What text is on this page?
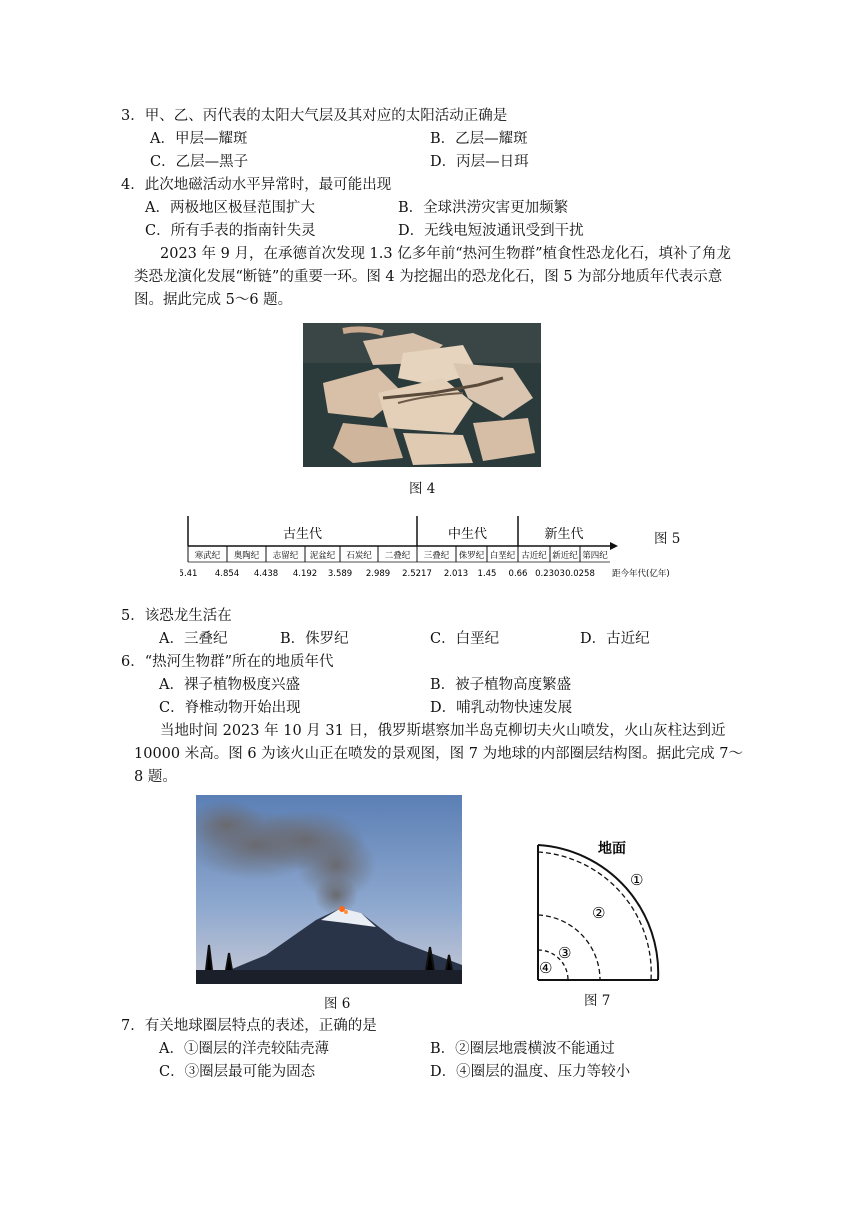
3．甲、乙、丙代表的太阳大气层及其对应的太阳活动正确是
A．甲层—耀斑	B．乙层—耀斑
C．乙层—黑子	D．丙层—日珥
4．此次地磁活动水平异常时，最可能出现
A．两极地区极昼范围扩大	B．全球洪涝灾害更加频繁
C．所有手表的指南针失灵	D．无线电短波通讯受到干扰
2023 年 9 月，在承德首次发现 1.3 亿多年前“热河生物群”植食性恐龙化石，填补了角龙
类恐龙演化发展“断链”的重要一环。图 4 为挖掘出的恐龙化石，图 5 为部分地质年代表示意
图。据此完成 5～6 题。
图 4
古生代	中生代	新生代
寒武纪 奥陶纪 志留纪 泥盆纪 石炭纪 二叠纪 三叠纪 侏罗纪 白垩纪 古近纪 新近纪 第四纪
5.41 4.854 4.438 4.192 3.589 2.989 2.5217 2.013 1.45 0.66 0.2303 0.0258 距今年代(亿年)
图 5
5．该恐龙生活在
A．三叠纪	B．侏罗纪	C．白垩纪	D．古近纪
6．“热河生物群”所在的地质年代
A．裸子植物极度兴盛	B．被子植物高度繁盛
C．脊椎动物开始出现	D．哺乳动物快速发展
当地时间 2023 年 10 月 31 日，俄罗斯堪察加半岛克柳切夫火山喷发，火山灰柱达到近
10000 米高。图 6 为该火山正在喷发的景观图，图 7 为地球的内部圈层结构图。据此完成 7～
8 题。
图 6
地面
①
②
③
④
图 7
7．有关地球圈层特点的表述，正确的是
A．①圈层的洋壳较陆壳薄	B．②圈层地震横波不能通过
C．③圈层最可能为固态	D．④圈层的温度、压力等较小
